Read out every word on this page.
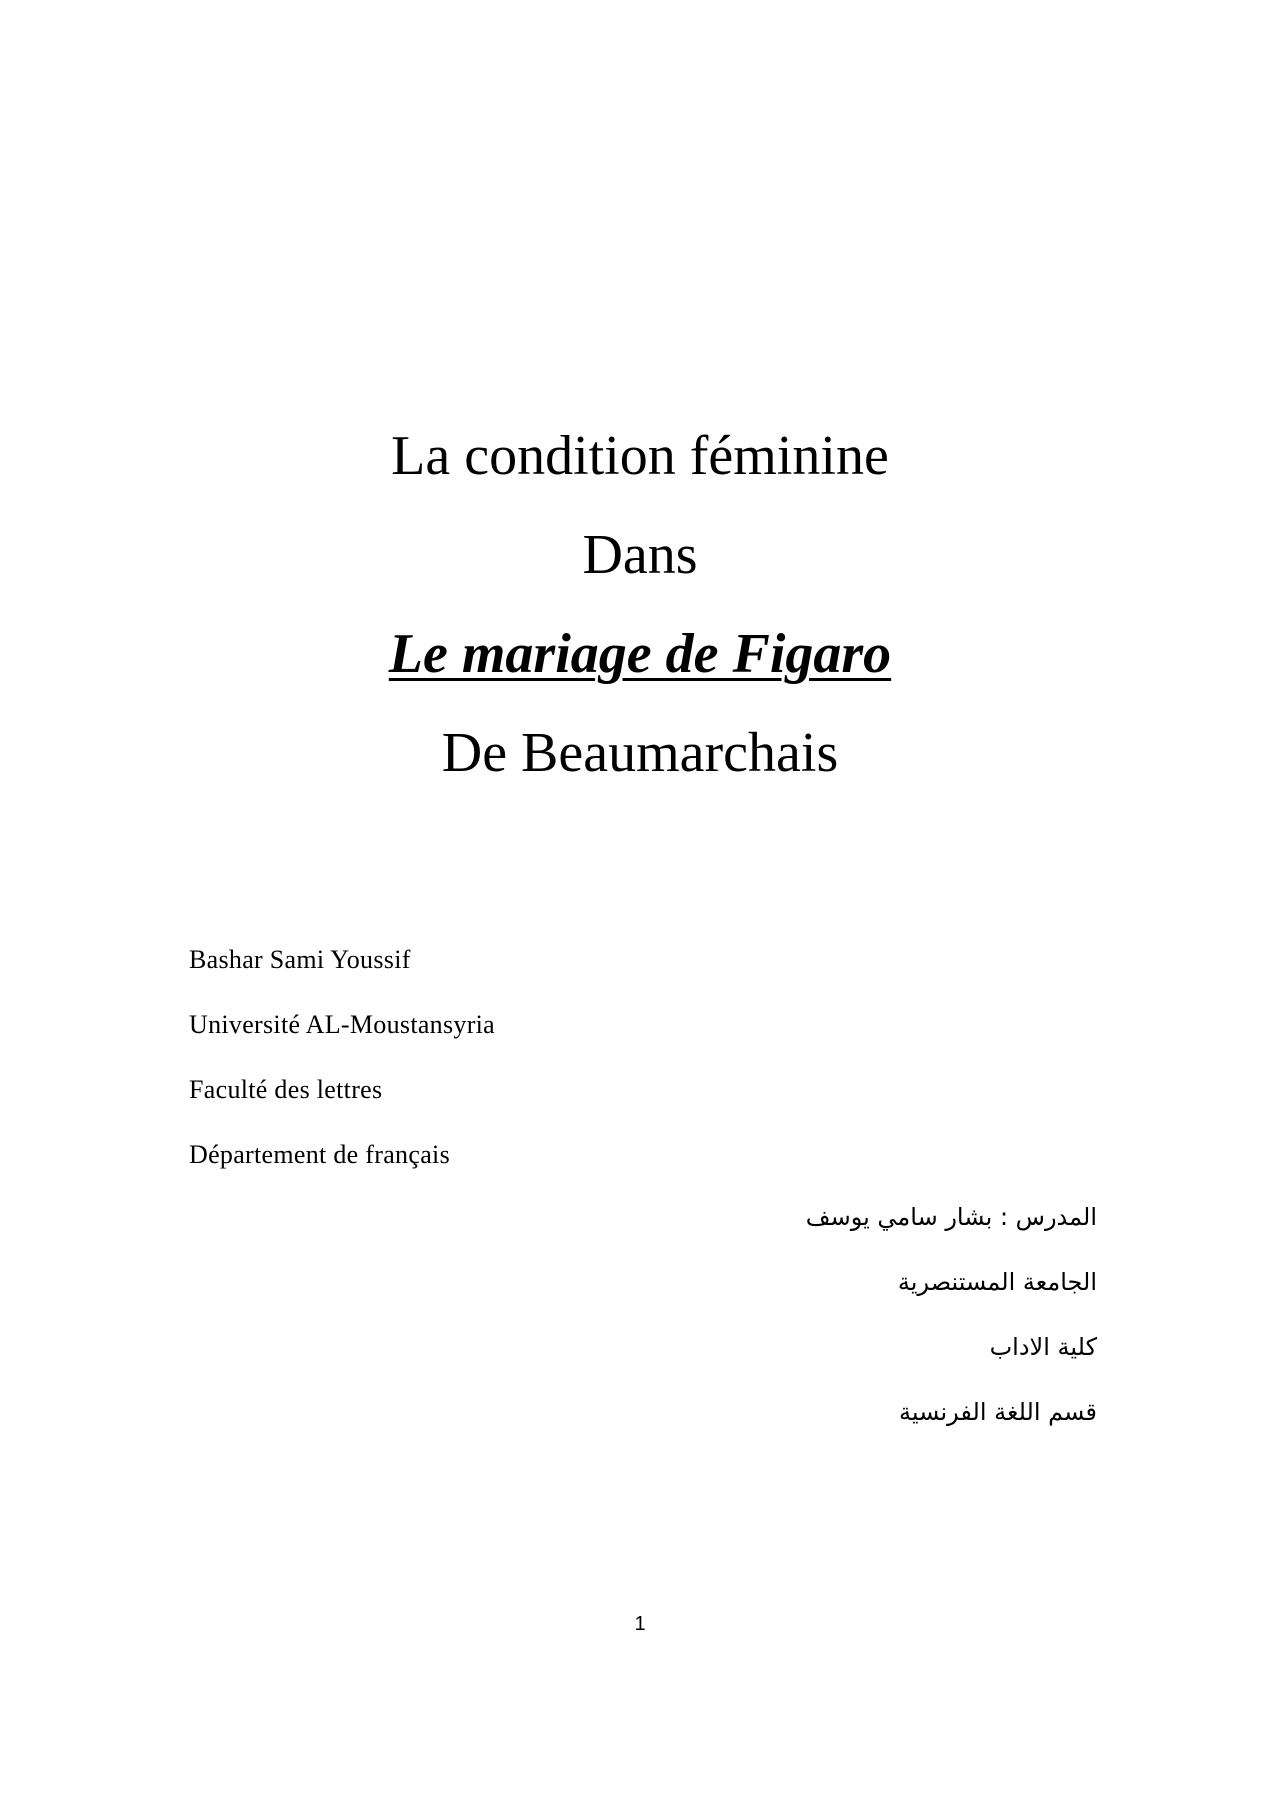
La condition féminine
Dans
Le mariage de Figaro
De Beaumarchais
Bashar Sami Youssif
Université AL-Moustansyria
Faculté des lettres
Département de français
المدرس : بشار سامي يوسف
الجامعة المستنصرية
كلية الاداب
قسم اللغة الفرنسية
1
